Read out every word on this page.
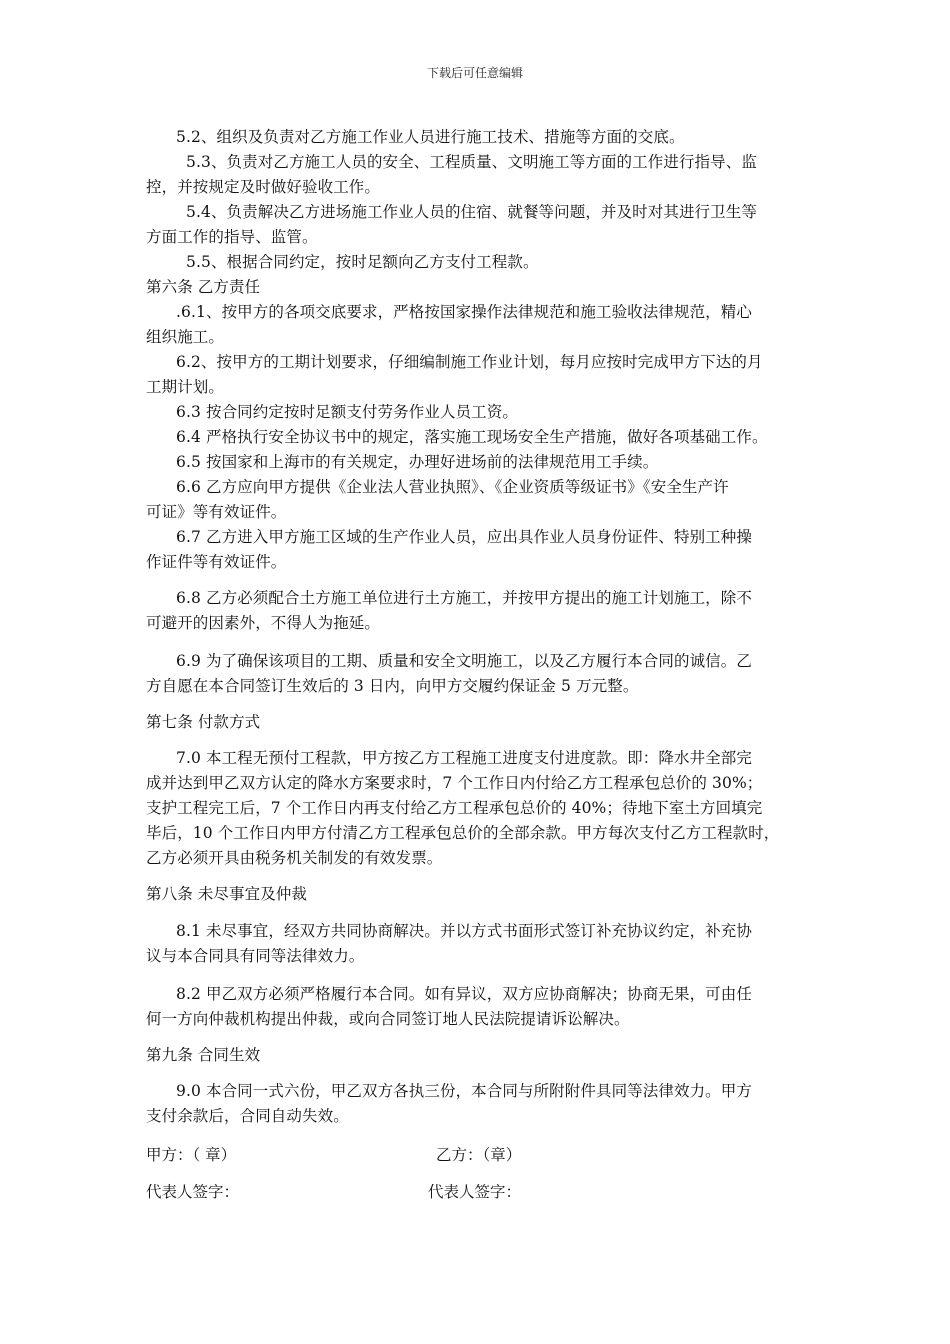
下载后可任意编辑
5.2、组织及负责对乙方施工作业人员进行施工技术、措施等方面的交底。
5.3、负责对乙方施工人员的安全、工程质量、文明施工等方面的工作进行指导、监
控，并按规定及时做好验收工作。
5.4、负责解决乙方进场施工作业人员的住宿、就餐等问题，并及时对其进行卫生等
方面工作的指导、监管。
5.5、根据合同约定，按时足额向乙方支付工程款。
第六条 乙方责任
.6.1、按甲方的各项交底要求，严格按国家操作法律规范和施工验收法律规范，精心
组织施工。
6.2、按甲方的工期计划要求，仔细编制施工作业计划，每月应按时完成甲方下达的月
工期计划。
6.3 按合同约定按时足额支付劳务作业人员工资。
6.4 严格执行安全协议书中的规定，落实施工现场安全生产措施，做好各项基础工作。
6.5 按国家和上海市的有关规定，办理好进场前的法律规范用工手续。
6.6 乙方应向甲方提供《企业法人营业执照》、《企业资质等级证书》《安全生产许
可证》等有效证件。
6.7 乙方进入甲方施工区域的生产作业人员，应出具作业人员身份证件、特别工种操
作证件等有效证件。
6.8 乙方必须配合土方施工单位进行土方施工，并按甲方提出的施工计划施工，除不
可避开的因素外，不得人为拖延。
6.9 为了确保该项目的工期、质量和安全文明施工，以及乙方履行本合同的诚信。乙
方自愿在本合同签订生效后的 3 日内，向甲方交履约保证金 5 万元整。
第七条 付款方式
7.0 本工程无预付工程款，甲方按乙方工程施工进度支付进度款。即：降水井全部完
成并达到甲乙双方认定的降水方案要求时，7 个工作日内付给乙方工程承包总价的 30%；
支护工程完工后，7 个工作日内再支付给乙方工程承包总价的 40%；待地下室土方回填完
毕后，10 个工作日内甲方付清乙方工程承包总价的全部余款。甲方每次支付乙方工程款时，
乙方必须开具由税务机关制发的有效发票。
第八条 未尽事宜及仲裁
8.1 未尽事宜，经双方共同协商解决。并以方式书面形式签订补充协议约定，补充协
议与本合同具有同等法律效力。
8.2 甲乙双方必须严格履行本合同。如有异议，双方应协商解决；协商无果，可由任
何一方向仲裁机构提出仲裁，或向合同签订地人民法院提请诉讼解决。
第九条 合同生效
9.0 本合同一式六份，甲乙双方各执三份，本合同与所附附件具同等法律效力。甲方
支付余款后，合同自动失效。
甲方：（ 章）	乙方：（章）
代表人签字：	代表人签字：
